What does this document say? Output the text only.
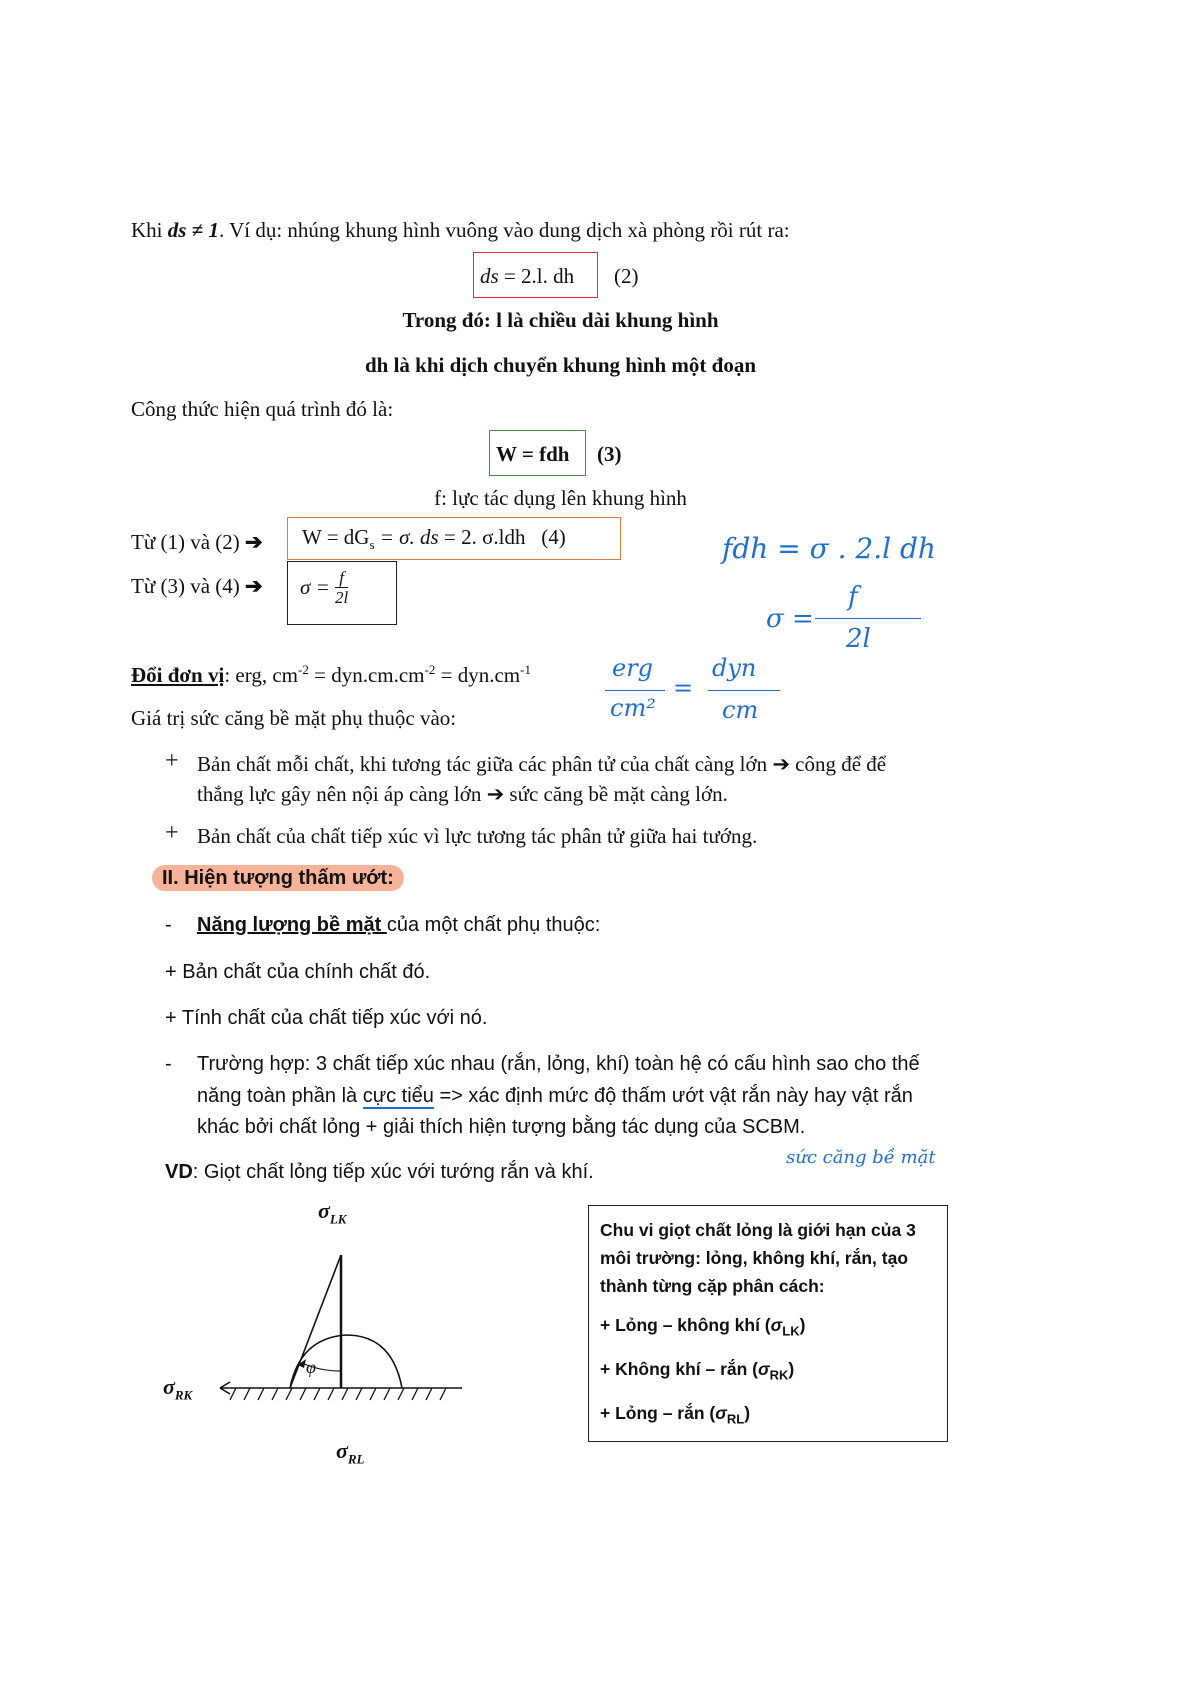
Khi ds ≠ 1. Ví dụ: nhúng khung hình vuông vào dung dịch xà phòng rồi rút ra:
ds = 2.l. dh (2)
Trong đó: l là chiều dài khung hình
dh là khi dịch chuyển khung hình một đoạn
Công thức hiện quá trình đó là:
W = fdh (3)
f: lực tác dụng lên khung hình
Từ (1) và (2) ➔ $W = dG_s = \sigma$. ds = 2. σ.ldh (4)
Từ (3) và (4) ➔ $\sigma = \frac{f}{2l}$
Đổi đơn vị: erg, $cm^{-2} = dyn.cm.cm^{-2} = dyn.cm^{-1}$
Giá trị sức căng bề mặt phụ thuộc vào:
+ Bản chất mỗi chất, khi tương tác giữa các phân tử của chất càng lớn ➔ công để để
thắng lực gây nên nội áp càng lớn ➔ sức căng bề mặt càng lớn.
+ Bản chất của chất tiếp xúc vì lực tương tác phân tử giữa hai tướng.
II. Hiện tượng thấm ướt:
- Năng lượng bề mặt của một chất phụ thuộc:
+ Bản chất của chính chất đó.
+ Tính chất của chất tiếp xúc với nó.
- Trường hợp: 3 chất tiếp xúc nhau (rắn, lỏng, khí) toàn hệ có cấu hình sao cho thế
năng toàn phần là cực tiểu => xác định mức độ thấm ướt vật rắn này hay vật rắn
khác bởi chất lỏng + giải thích hiện tượng bằng tác dụng của SCBM.
VD: Giọt chất lỏng tiếp xúc với tướng rắn và khí.
$\sigma_{LK}$
$\sigma_{RK}$
$\sigma_{RL}$
φ
Chu vi giọt chất lỏng là giới hạn của 3
môi trường: lỏng, không khí, rắn, tạo
thành từng cặp phân cách:
+ Lỏng – không khí $(\sigma_{LK})$
+ Không khí – rắn $(\sigma_{RK})$
+ Lỏng – rắn $(\sigma_{RL})$
fdh = σ . 2.l dh
σ =
f
2l
erg
cm²
=
dyn
cm
sức căng bề mặt
